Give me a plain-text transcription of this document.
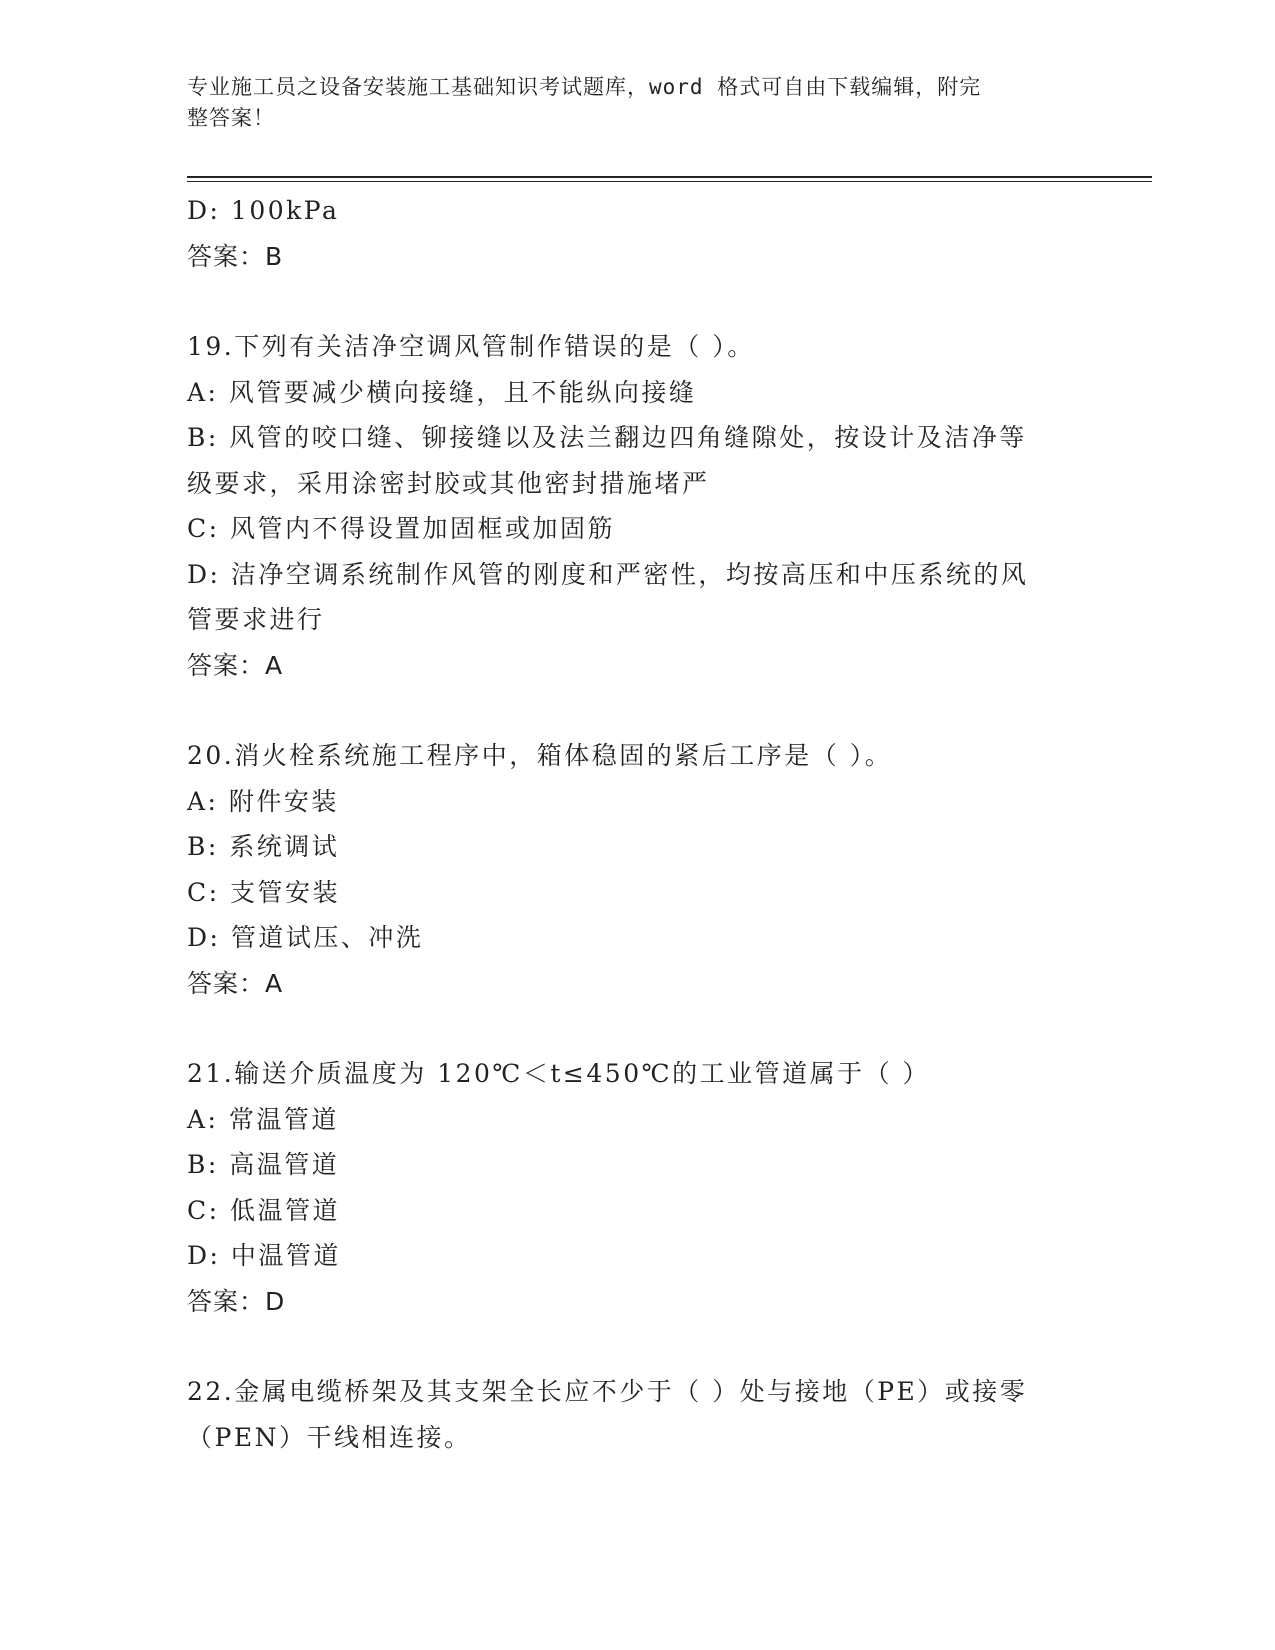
专业施工员之设备安装施工基础知识考试题库，word 格式可自由下载编辑，附完
整答案！
D: 100kPa
答案：B
19.下列有关洁净空调风管制作错误的是（ ）。
A: 风管要减少横向接缝，且不能纵向接缝
B: 风管的咬口缝、铆接缝以及法兰翻边四角缝隙处，按设计及洁净等
级要求，采用涂密封胶或其他密封措施堵严
C: 风管内不得设置加固框或加固筋
D: 洁净空调系统制作风管的刚度和严密性，均按高压和中压系统的风
管要求进行
答案：A
20.消火栓系统施工程序中，箱体稳固的紧后工序是（ ）。
A: 附件安装
B: 系统调试
C: 支管安装
D: 管道试压、冲洗
答案：A
21.输送介质温度为 120℃＜t≤450℃的工业管道属于（ ）
A: 常温管道
B: 高温管道
C: 低温管道
D: 中温管道
答案：D
22.金属电缆桥架及其支架全长应不少于（ ）处与接地（PE）或接零
（PEN）干线相连接。
